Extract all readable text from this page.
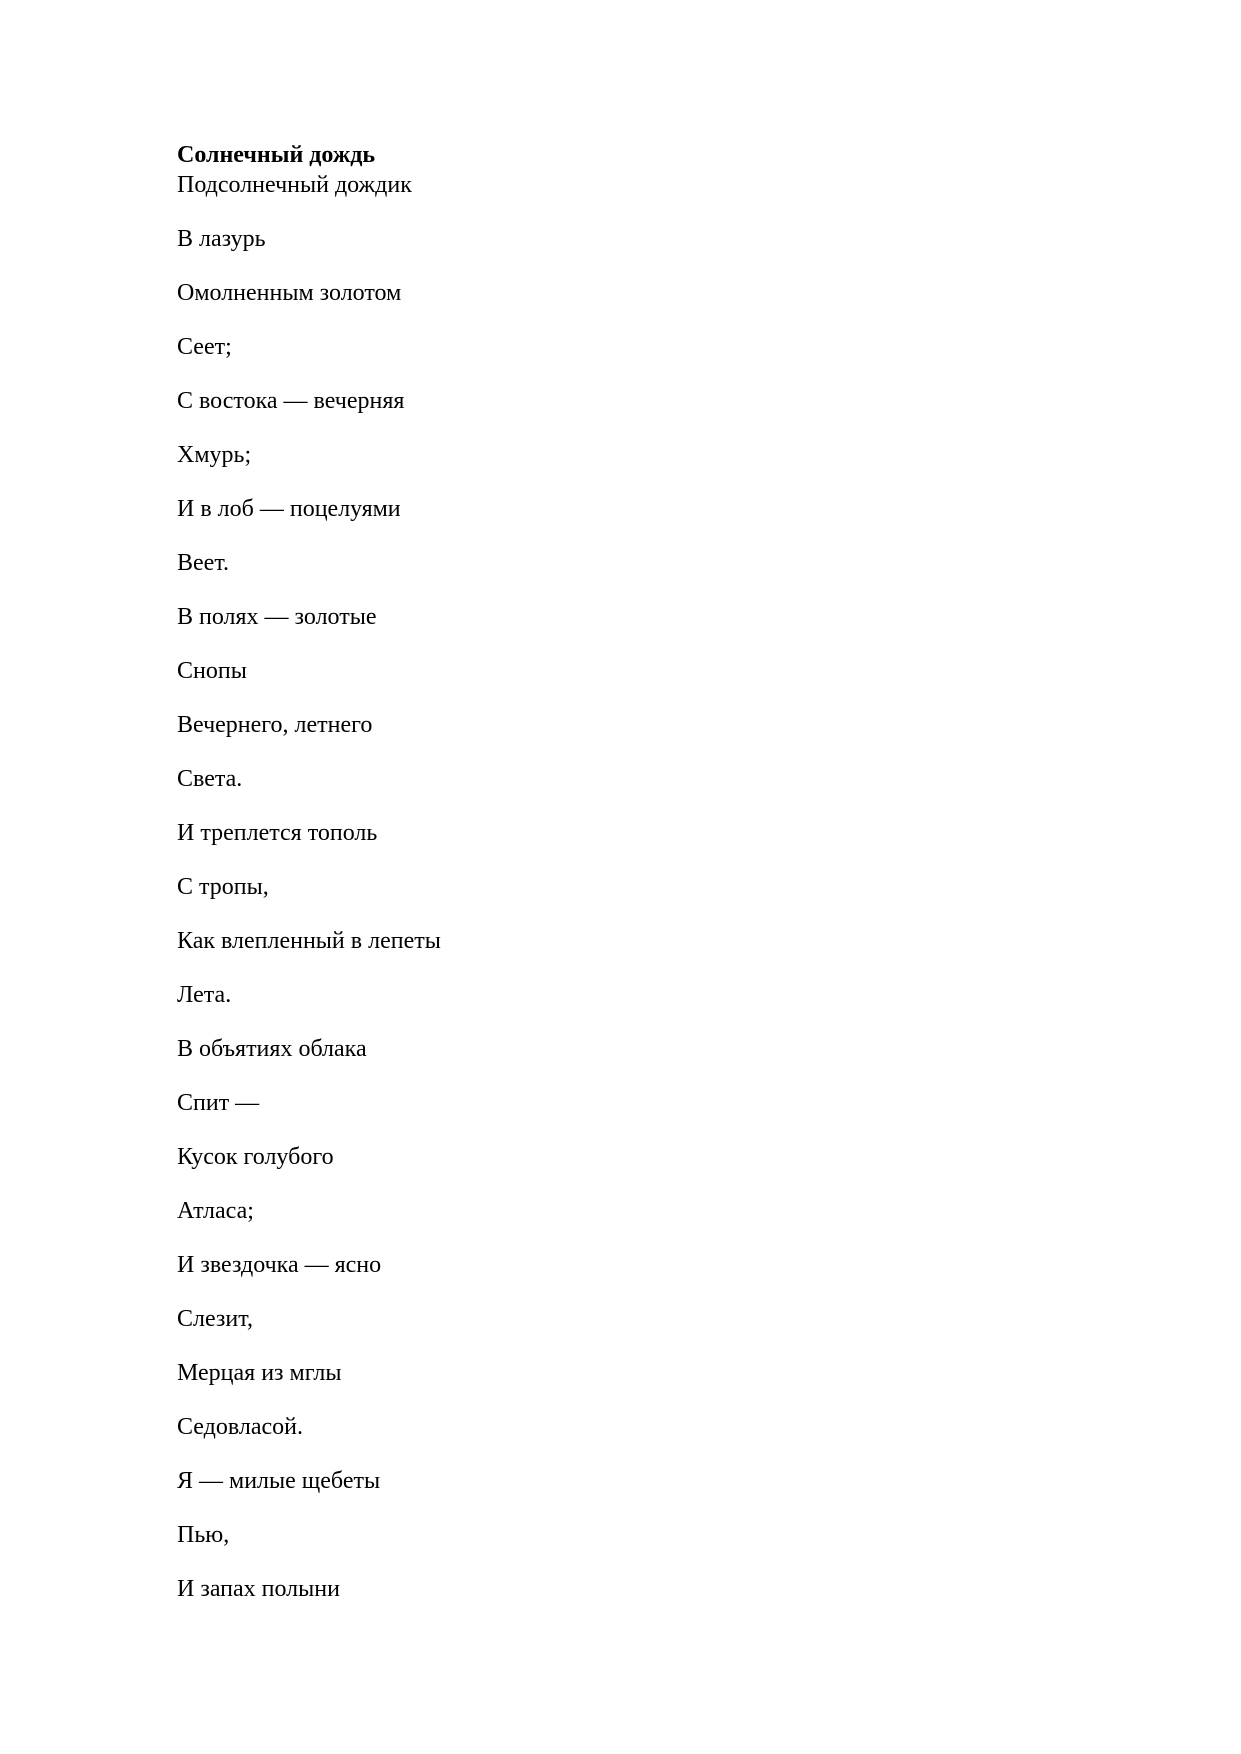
Солнечный дождь
Подсолнечный дождик
В лазурь
Омолненным золотом
Сеет;
С востока — вечерняя
Хмурь;
И в лоб — поцелуями
Веет.
В полях — золотые
Снопы
Вечернего, летнего
Света.
И треплется тополь
С тропы,
Как влепленный в лепеты
Лета.
В объятиях облака
Спит —
Кусок голубого
Атласа;
И звездочка — ясно
Слезит,
Мерцая из мглы
Седовласой.
Я — милые щебеты
Пью,
И запах полыни
